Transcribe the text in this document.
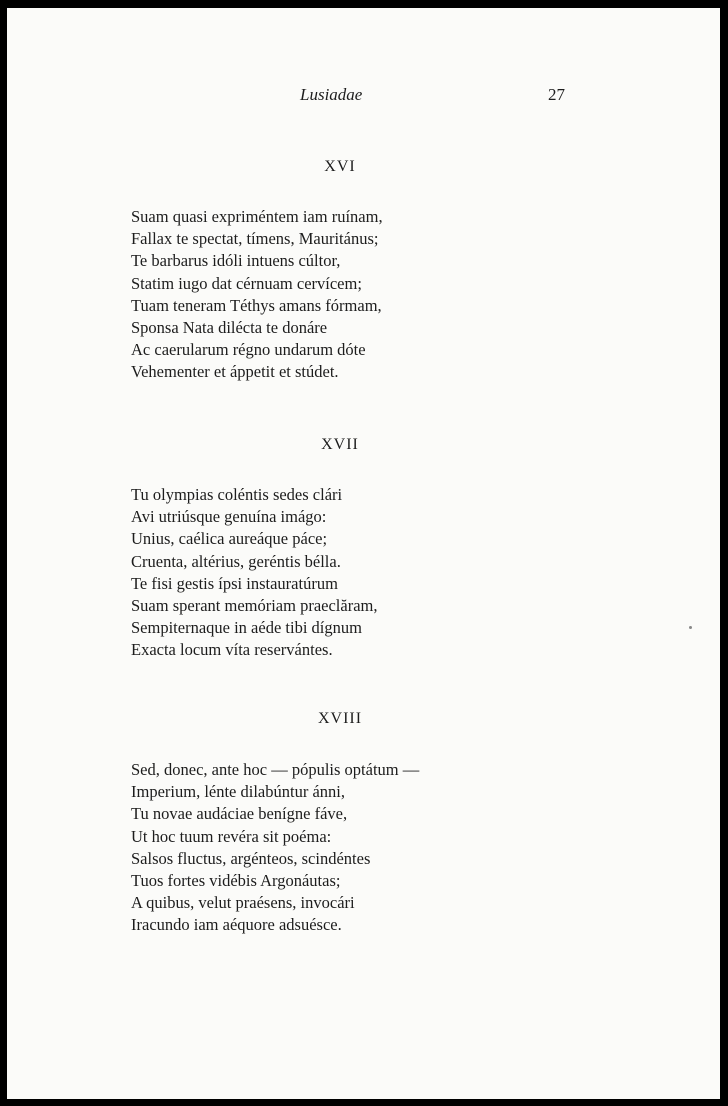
Lusiadae	27
XVI
Suam quasi expriméntem iam ruínam,
Fallax te spectat, tímens, Mauritánus;
Te barbarus idóli intuens cúltor,
Statim iugo dat cérnuam cervícem;
Tuam teneram Téthys amans fórmam,
Sponsa Nata diléсta te donáre
Ac caerularum régno undarum dóte
Vehementer et áppetit et stúdet.
XVII
Tu olympias coléntis sedes clári
Avi utriúsque genuína imágo:
Unius, caélica aureáque páce;
Cruenta, altérius, geréntis bélla.
Te fisi gestis ípsi instauratúrum
Suam sperant memóriam praeclăram,
Sempiternaque in aéde tibi dígnum
Exacta locum víta reservántes.
XVIII
Sed, donec, ante hoc — pópulis optátum —
Imperium, lénte dilabúntur ánni,
Tu novae audáciae benígne fáve,
Ut hoc tuum revéra sit poéma:
Salsos fluctus, argénteos, scindéntes
Tuos fortes vidébis Argonáutas;
A quibus, velut praésens, invocári
Iracundo iam aéquore adsuésce.
